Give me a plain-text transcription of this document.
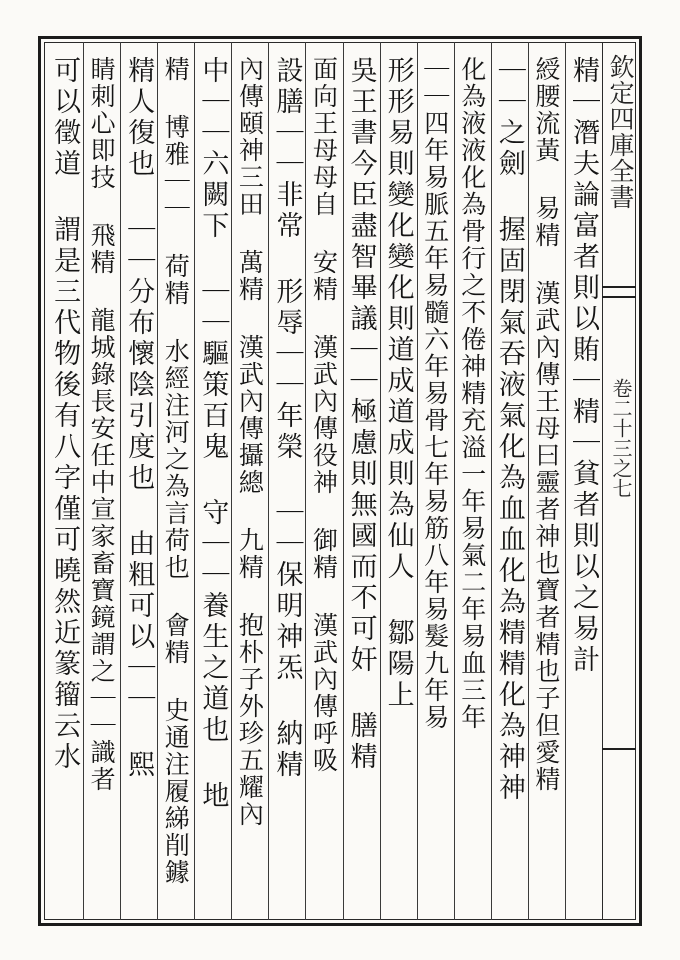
欽定四庫全書
卷二十三之七
精｜潛夫論富者則以賄｜精｜貧者則以之易計
綬腰流黃 易精 漢武內傳王母曰靈者神也寶者精也子但愛精
｜｜之劍 握固閉氣吞液氣化為血血化為精精化為神神
化為液液化為骨行之不倦神精充溢一年易氣二年易血三年
｜｜四年易脈五年易髓六年易骨七年易筋八年易髮九年易
形形易則變化變化則道成道成則為仙人 鄒陽上
吳王書今臣盡智畢議｜｜極慮則無國而不可奸 膳精
面向王母母自 安精 漢武內傳役神 御精 漢武內傳呼吸
設膳｜｜非常 形辱｜｜年榮 ｜｜保明神炁 納精
內傳頤神三田 萬精 漢武內傳攝總 九精 抱朴子外珍五耀內
中｜｜六闕下 ｜｜驅策百鬼 守｜｜養生之道也 地
精 博雅｜｜ 荷精 水經注河之為言荷也 會精 史通注履綈削鐻
精人復也 ｜｜分布懷陰引度也 由粗可以｜｜ 熙
睛刺心即技 飛精 龍城錄長安任中宣家畜寶鏡謂之｜｜識者
可以徵道 謂是三代物後有八字僅可曉然近篆籀云水
